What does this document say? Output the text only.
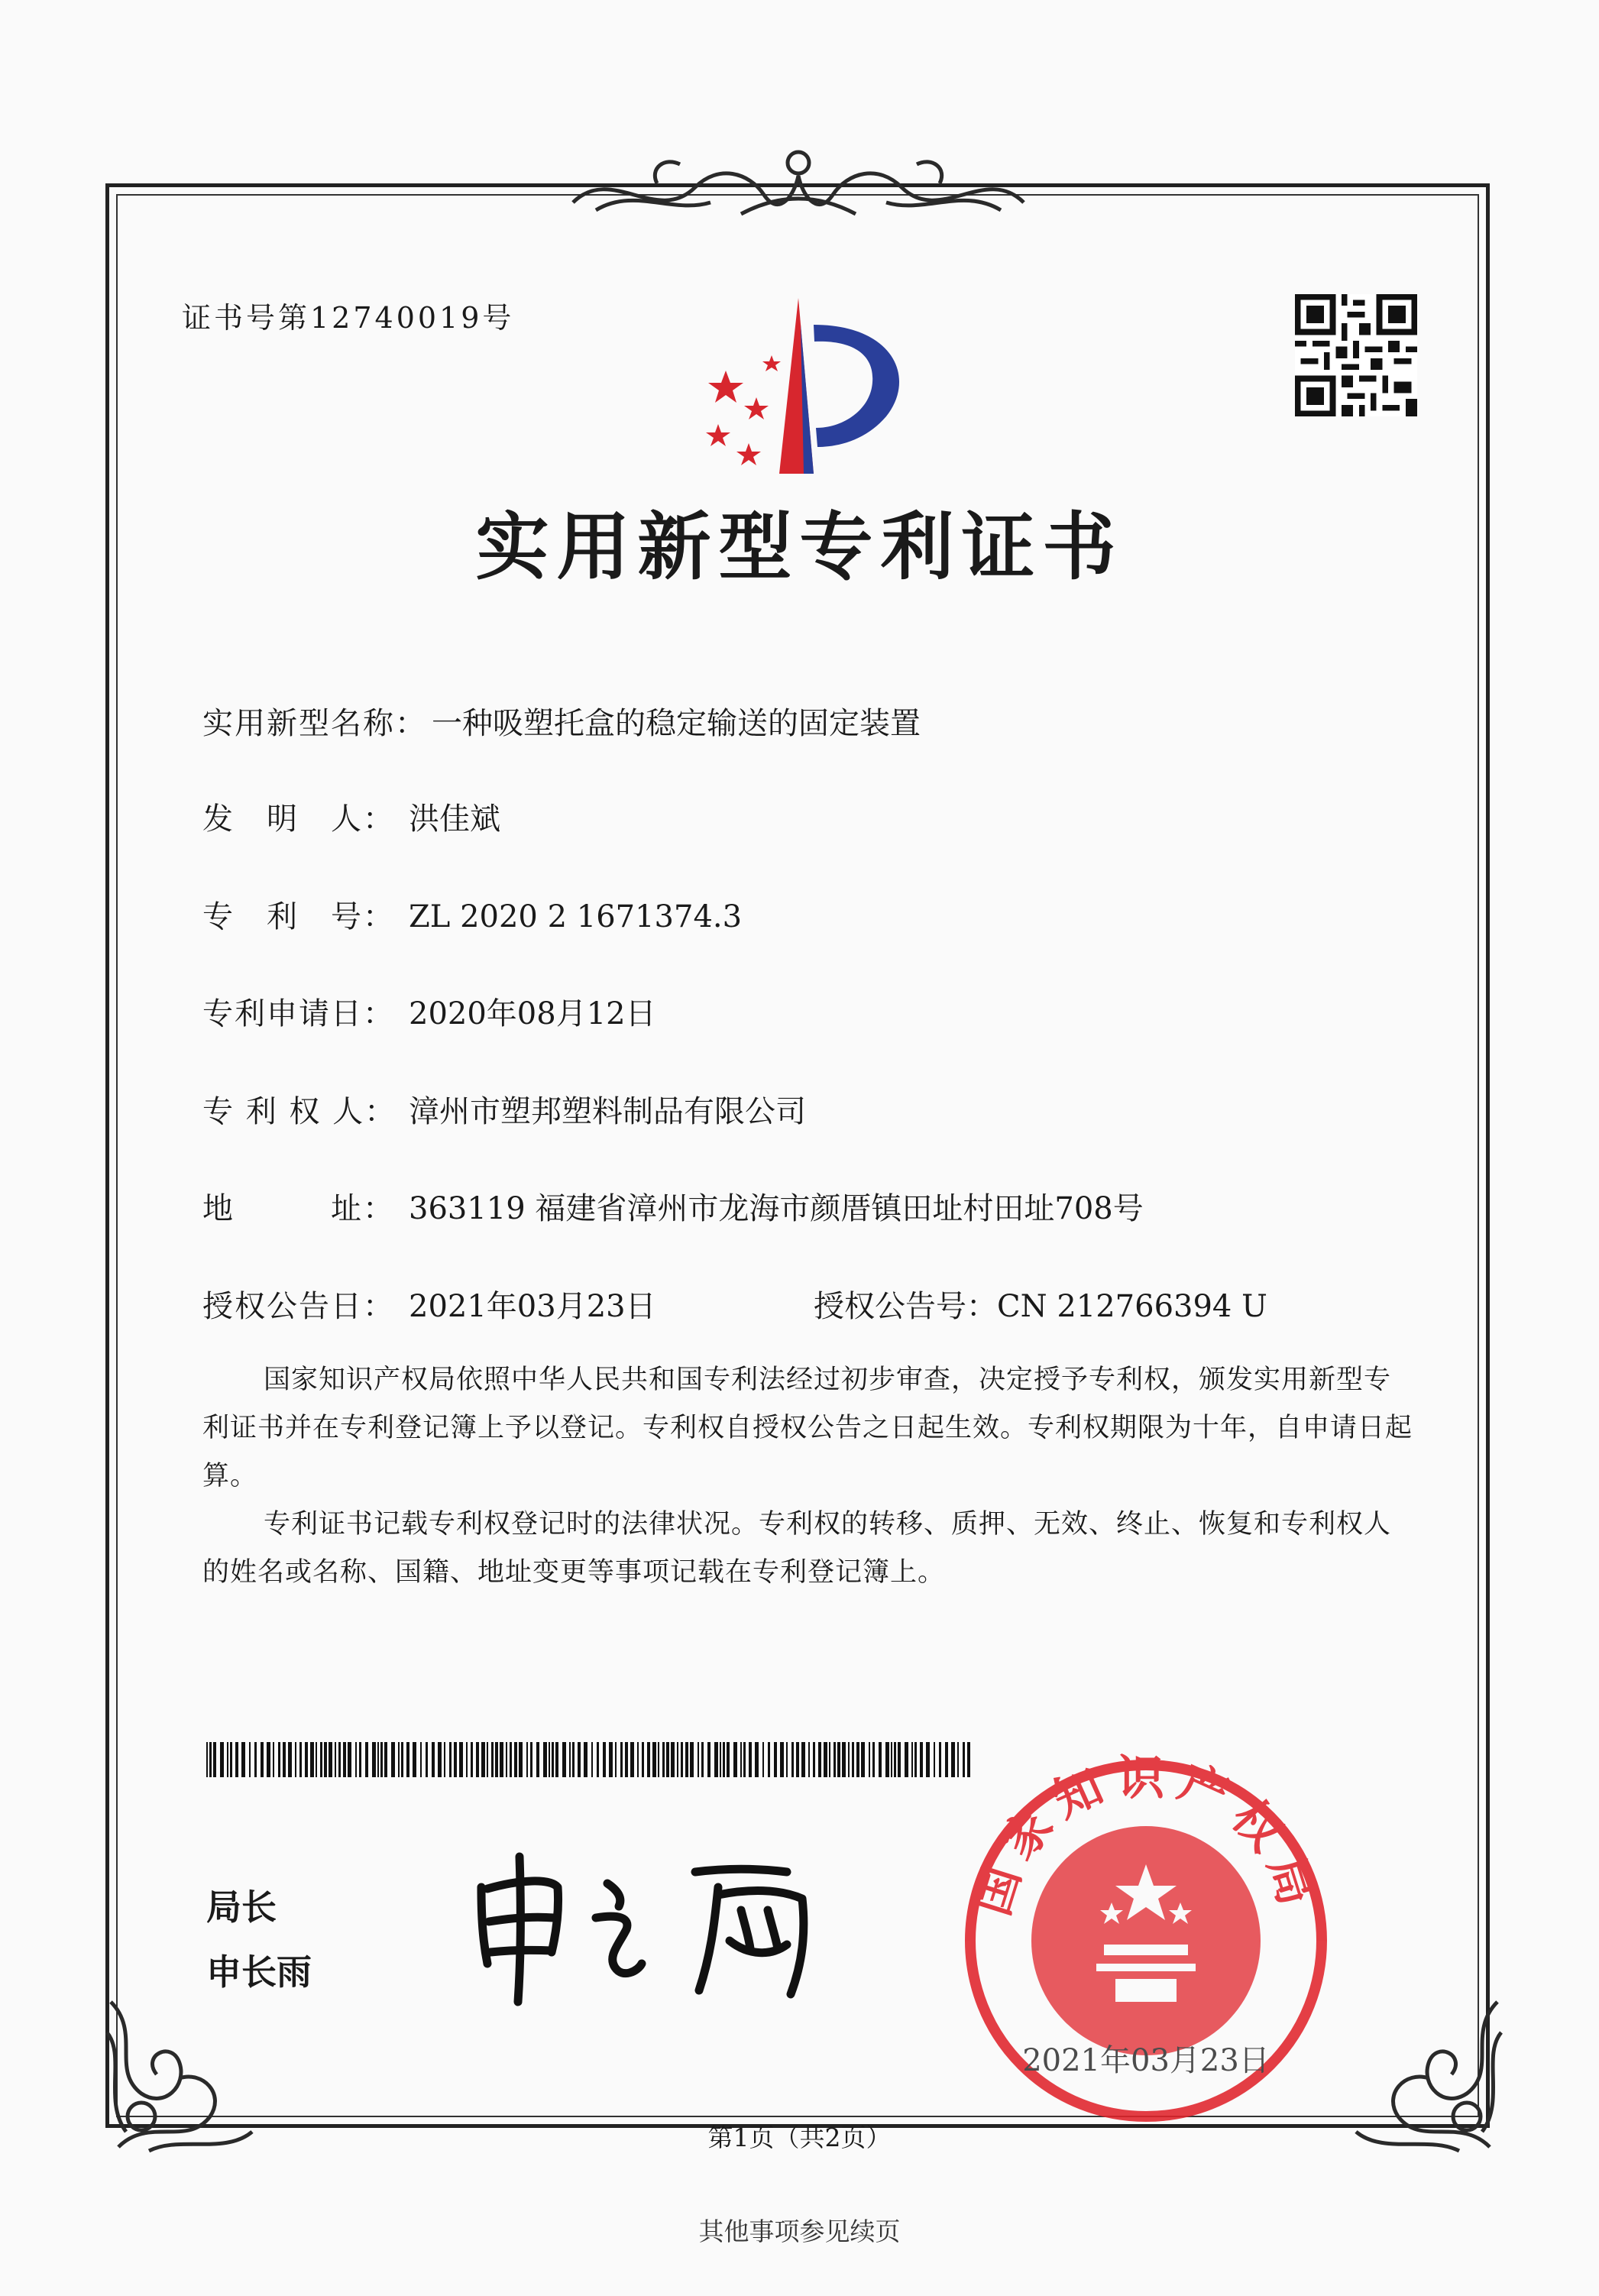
证书号第12740019号
实用新型专利证书
实用新型名称： 一种吸塑托盒的稳定输送的固定装置
发　明　人： 洪佳斌
专　利　号： ZL 2020 2 1671374.3
专利申请日： 2020年08月12日
专 利 权 人： 漳州市塑邦塑料制品有限公司
地　　　址： 363119 福建省漳州市龙海市颜厝镇田址村田址708号
授权公告日： 2021年03月23日	授权公告号：CN 212766394 U
国家知识产权局依照中华人民共和国专利法经过初步审查，决定授予专利权，颁发实用新型专利证书并在专利登记簿上予以登记。专利权自授权公告之日起生效。专利权期限为十年，自申请日起算。
专利证书记载专利权登记时的法律状况。专利权的转移、质押、无效、终止、恢复和专利权人的姓名或名称、国籍、地址变更等事项记载在专利登记簿上。
局长
申长雨
国家知识产权局
2021年03月23日
第1页（共2页）
其他事项参见续页
